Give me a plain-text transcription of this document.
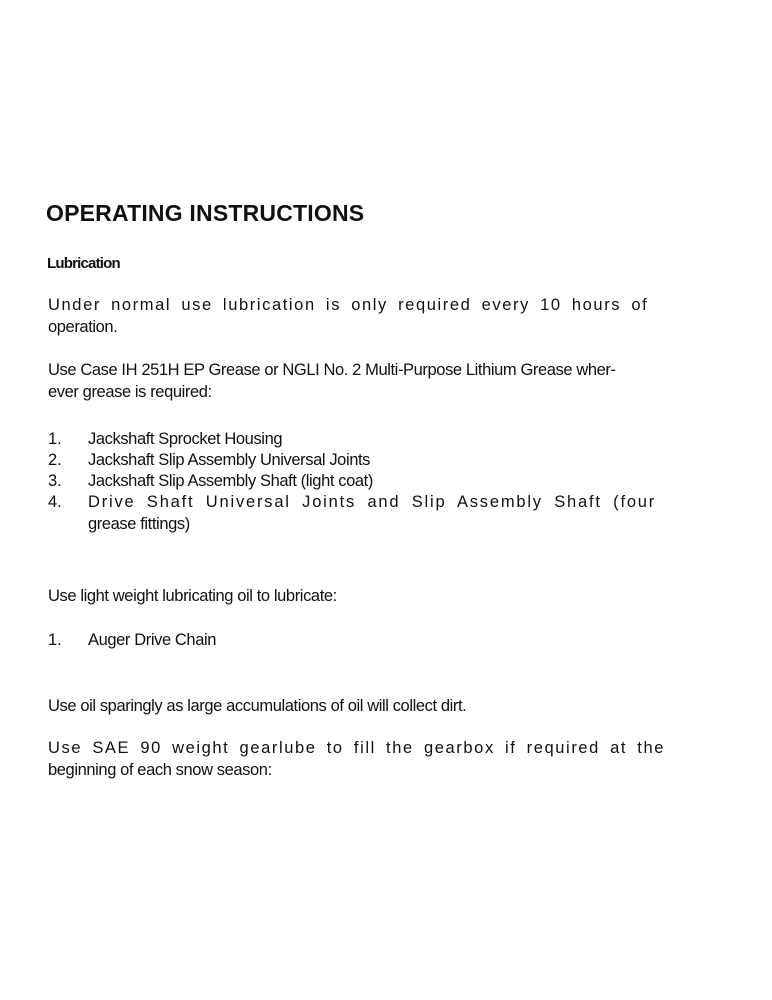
OPERATING INSTRUCTIONS
Lubrication
Under normal use lubrication is only required every 10 hours of
operation.
Use Case IH 251H EP Grease or NGLI No. 2 Multi-Purpose Lithium Grease wher-
ever grease is required:
1. Jackshaft Sprocket Housing
2. Jackshaft Slip Assembly Universal Joints
3. Jackshaft Slip Assembly Shaft (light coat)
4. Drive Shaft Universal Joints and Slip Assembly Shaft (four
grease fittings)
Use light weight lubricating oil to lubricate:
1. Auger Drive Chain
Use oil sparingly as large accumulations of oil will collect dirt.
Use SAE 90 weight gearlube to fill the gearbox if required at the
beginning of each snow season:
